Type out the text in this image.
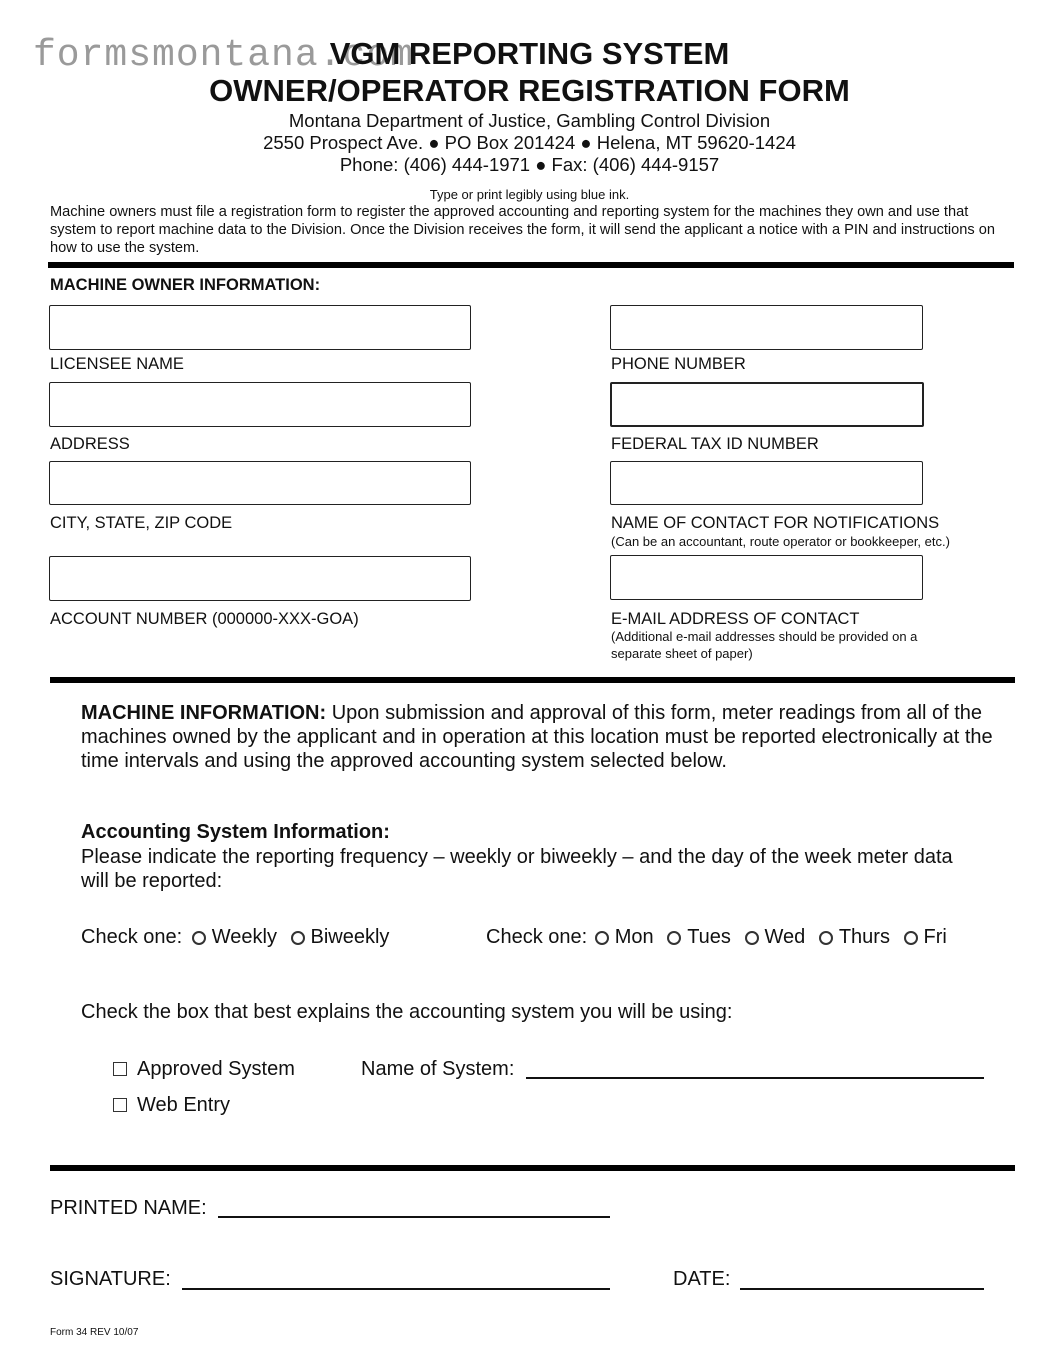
formsmontana.com
VGM REPORTING SYSTEM
OWNER/OPERATOR REGISTRATION FORM
Montana Department of Justice, Gambling Control Division
2550 Prospect Ave. ● PO Box 201424 ● Helena, MT 59620-1424
Phone: (406) 444-1971 ● Fax: (406) 444-9157
Type or print legibly using blue ink.
Machine owners must file a registration form to register the approved accounting and reporting system for the machines they own and use that system to report machine data to the Division. Once the Division receives the form, it will send the applicant a notice with a PIN and instructions on how to use the system.
MACHINE OWNER INFORMATION:
LICENSEE NAME
ADDRESS
CITY, STATE, ZIP CODE
ACCOUNT NUMBER (000000-XXX-GOA)
PHONE NUMBER
FEDERAL TAX ID NUMBER
NAME OF CONTACT FOR NOTIFICATIONS
(Can be an accountant, route operator or bookkeeper, etc.)
E-MAIL ADDRESS OF CONTACT
(Additional e-mail addresses should be provided on a
separate sheet of paper)
MACHINE INFORMATION: Upon submission and approval of this form, meter readings from all of the machines owned by the applicant and in operation at this location must be reported electronically at the time intervals and using the approved accounting system selected below.
Accounting System Information:
Please indicate the reporting frequency – weekly or biweekly – and the day of the week meter data will be reported:
Check one: Weekly Biweekly	Check one: Mon Tues Wed Thurs Fri
Check the box that best explains the accounting system you will be using:
Approved System
Web Entry
Name of System:
PRINTED NAME:
SIGNATURE:	DATE:
Form 34 REV 10/07
